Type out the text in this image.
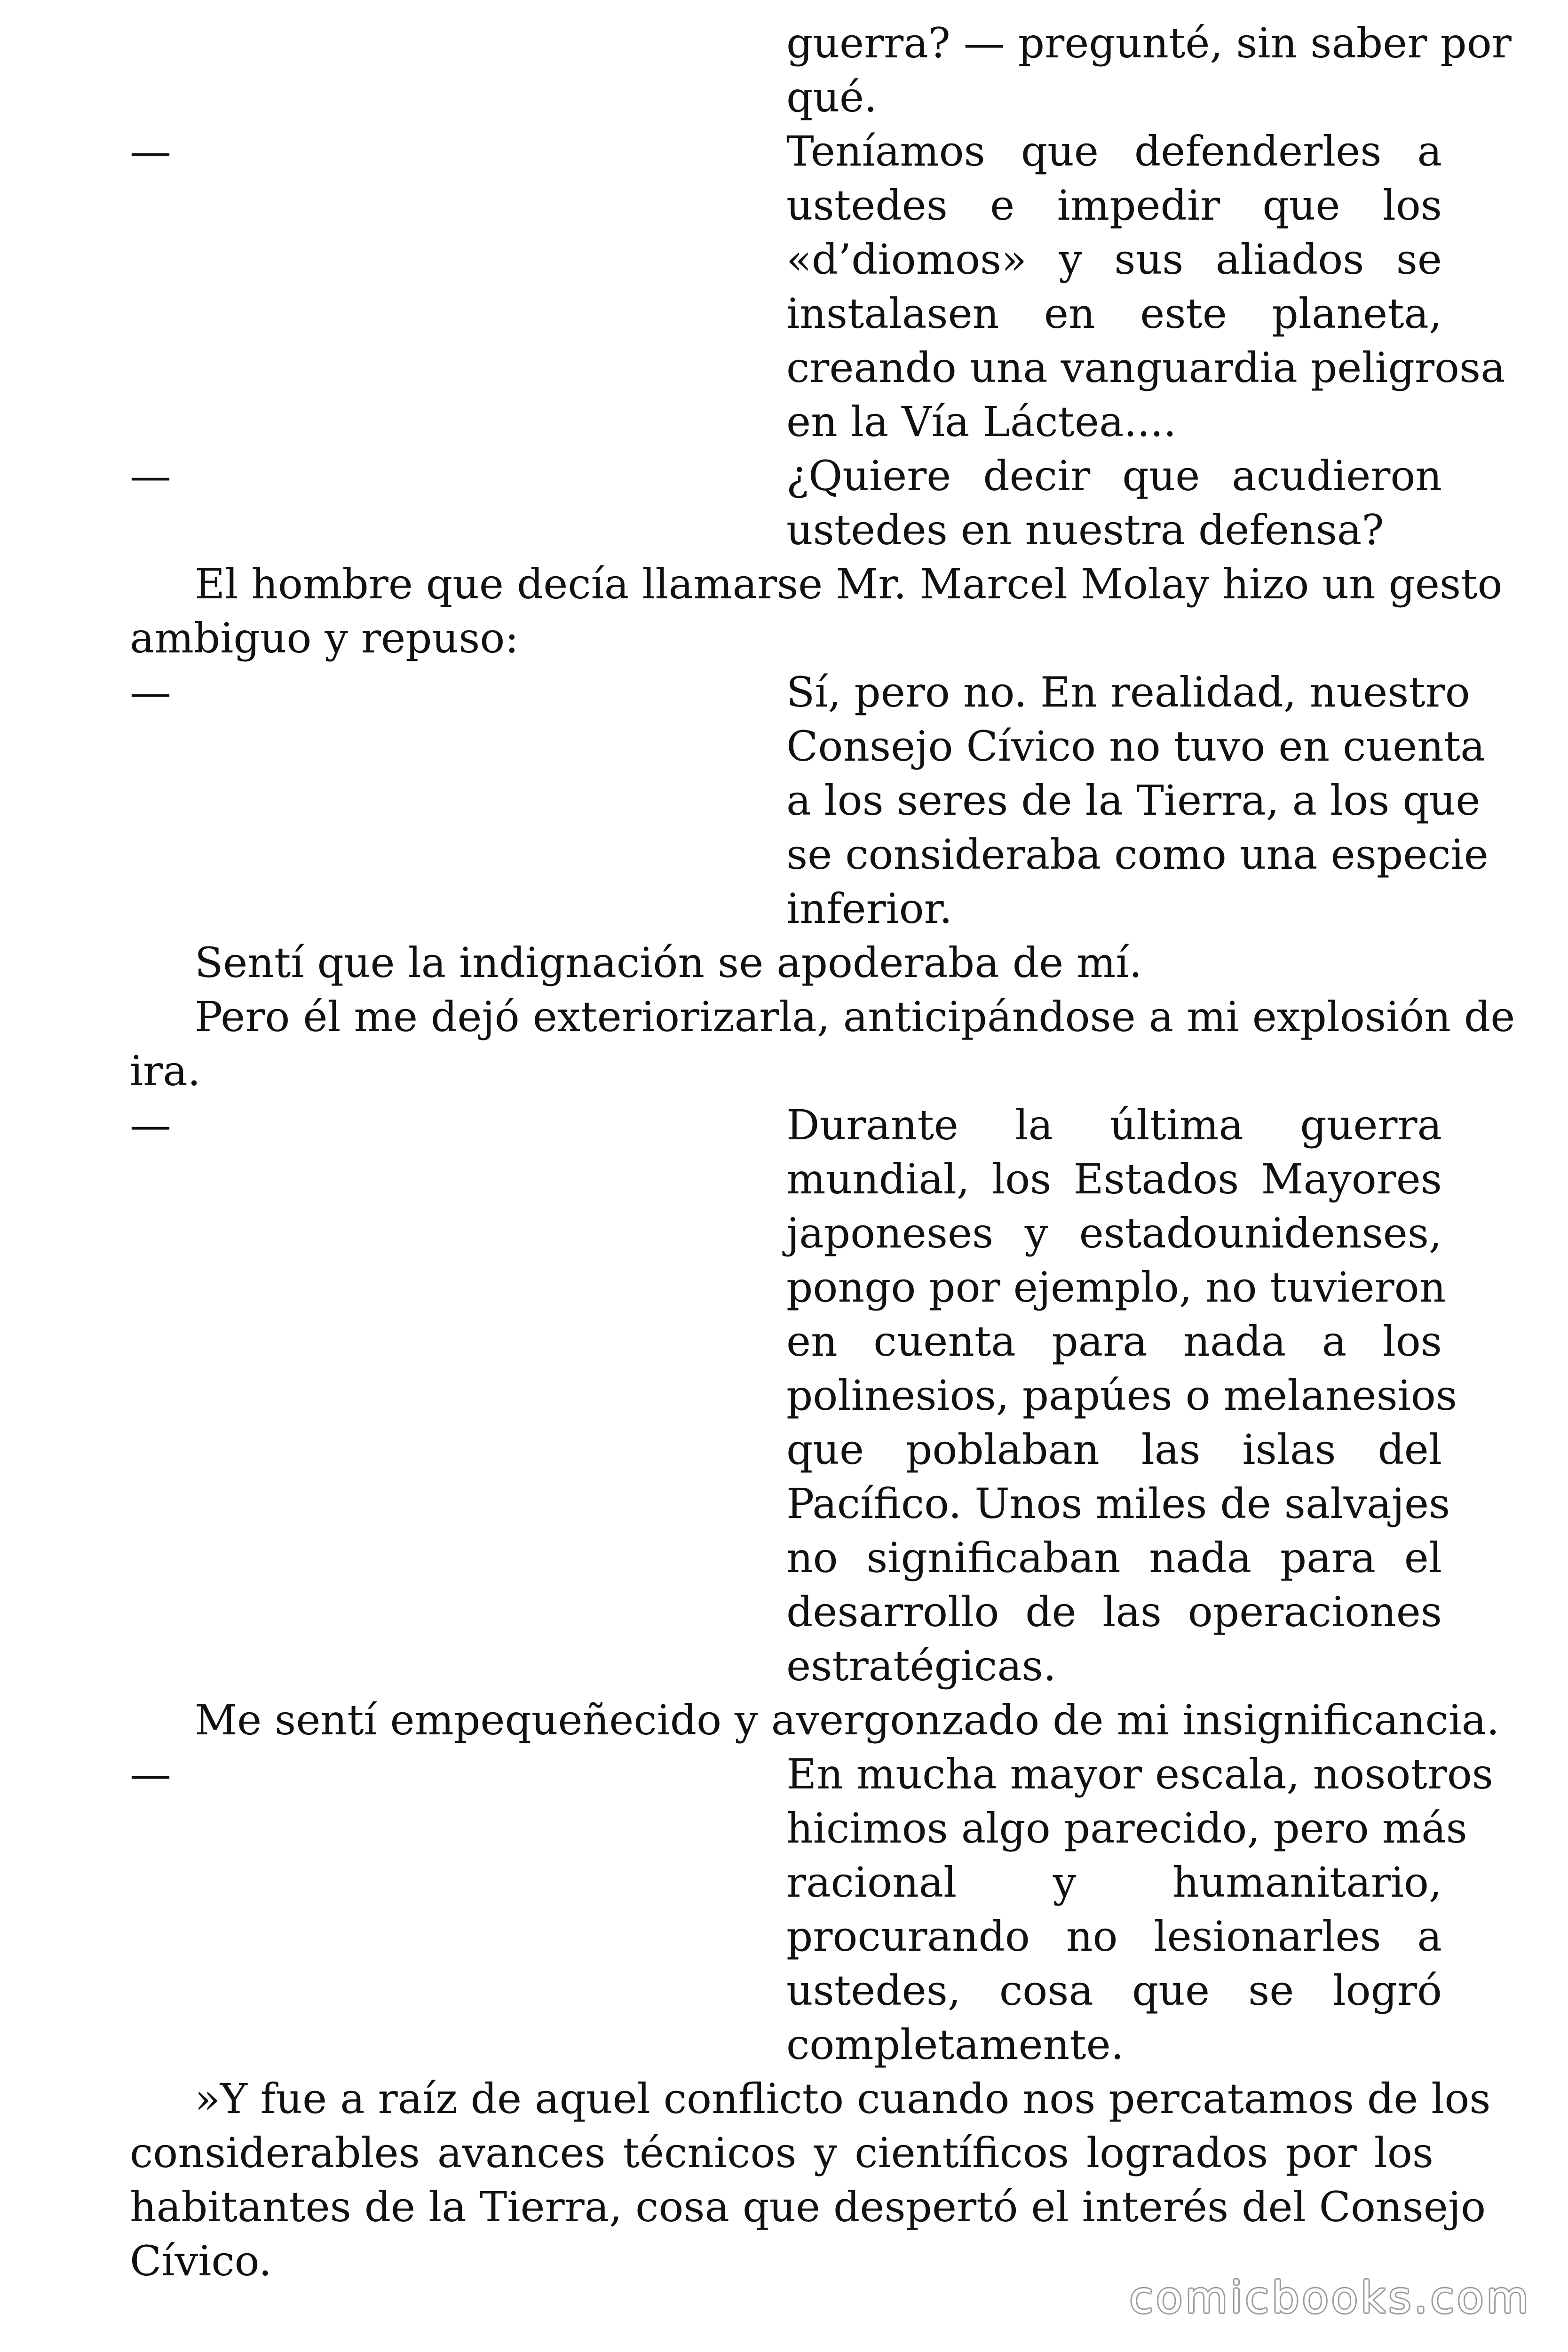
guerra? — pregunté, sin saber por
qué.
—	Teníamos que defenderles a
ustedes e impedir que los
«d’diomos» y sus aliados se
instalasen en este planeta,
creando una vanguardia peligrosa
en la Vía Láctea....
—	¿Quiere decir que acudieron
ustedes en nuestra defensa?
El hombre que decía llamarse Mr. Marcel Molay hizo un gesto
ambiguo y repuso:
—	Sí, pero no. En realidad, nuestro
Consejo Cívico no tuvo en cuenta
a los seres de la Tierra, a los que
se consideraba como una especie
inferior.
Sentí que la indignación se apoderaba de mí.
Pero él me dejó exteriorizarla, anticipándose a mi explosión de
ira.
—	Durante la última guerra
mundial, los Estados Mayores
japoneses y estadounidenses,
pongo por ejemplo, no tuvieron
en cuenta para nada a los
polinesios, papúes o melanesios
que poblaban las islas del
Pacífico. Unos miles de salvajes
no significaban nada para el
desarrollo de las operaciones
estratégicas.
Me sentí empequeñecido y avergonzado de mi insignificancia.
—	En mucha mayor escala, nosotros
hicimos algo parecido, pero más
racional y humanitario,
procurando no lesionarles a
ustedes, cosa que se logró
completamente.
»Y fue a raíz de aquel conflicto cuando nos percatamos de los
considerables avances técnicos y científicos logrados por los
habitantes de la Tierra, cosa que despertó el interés del Consejo
Cívico.
comicbooks.com
